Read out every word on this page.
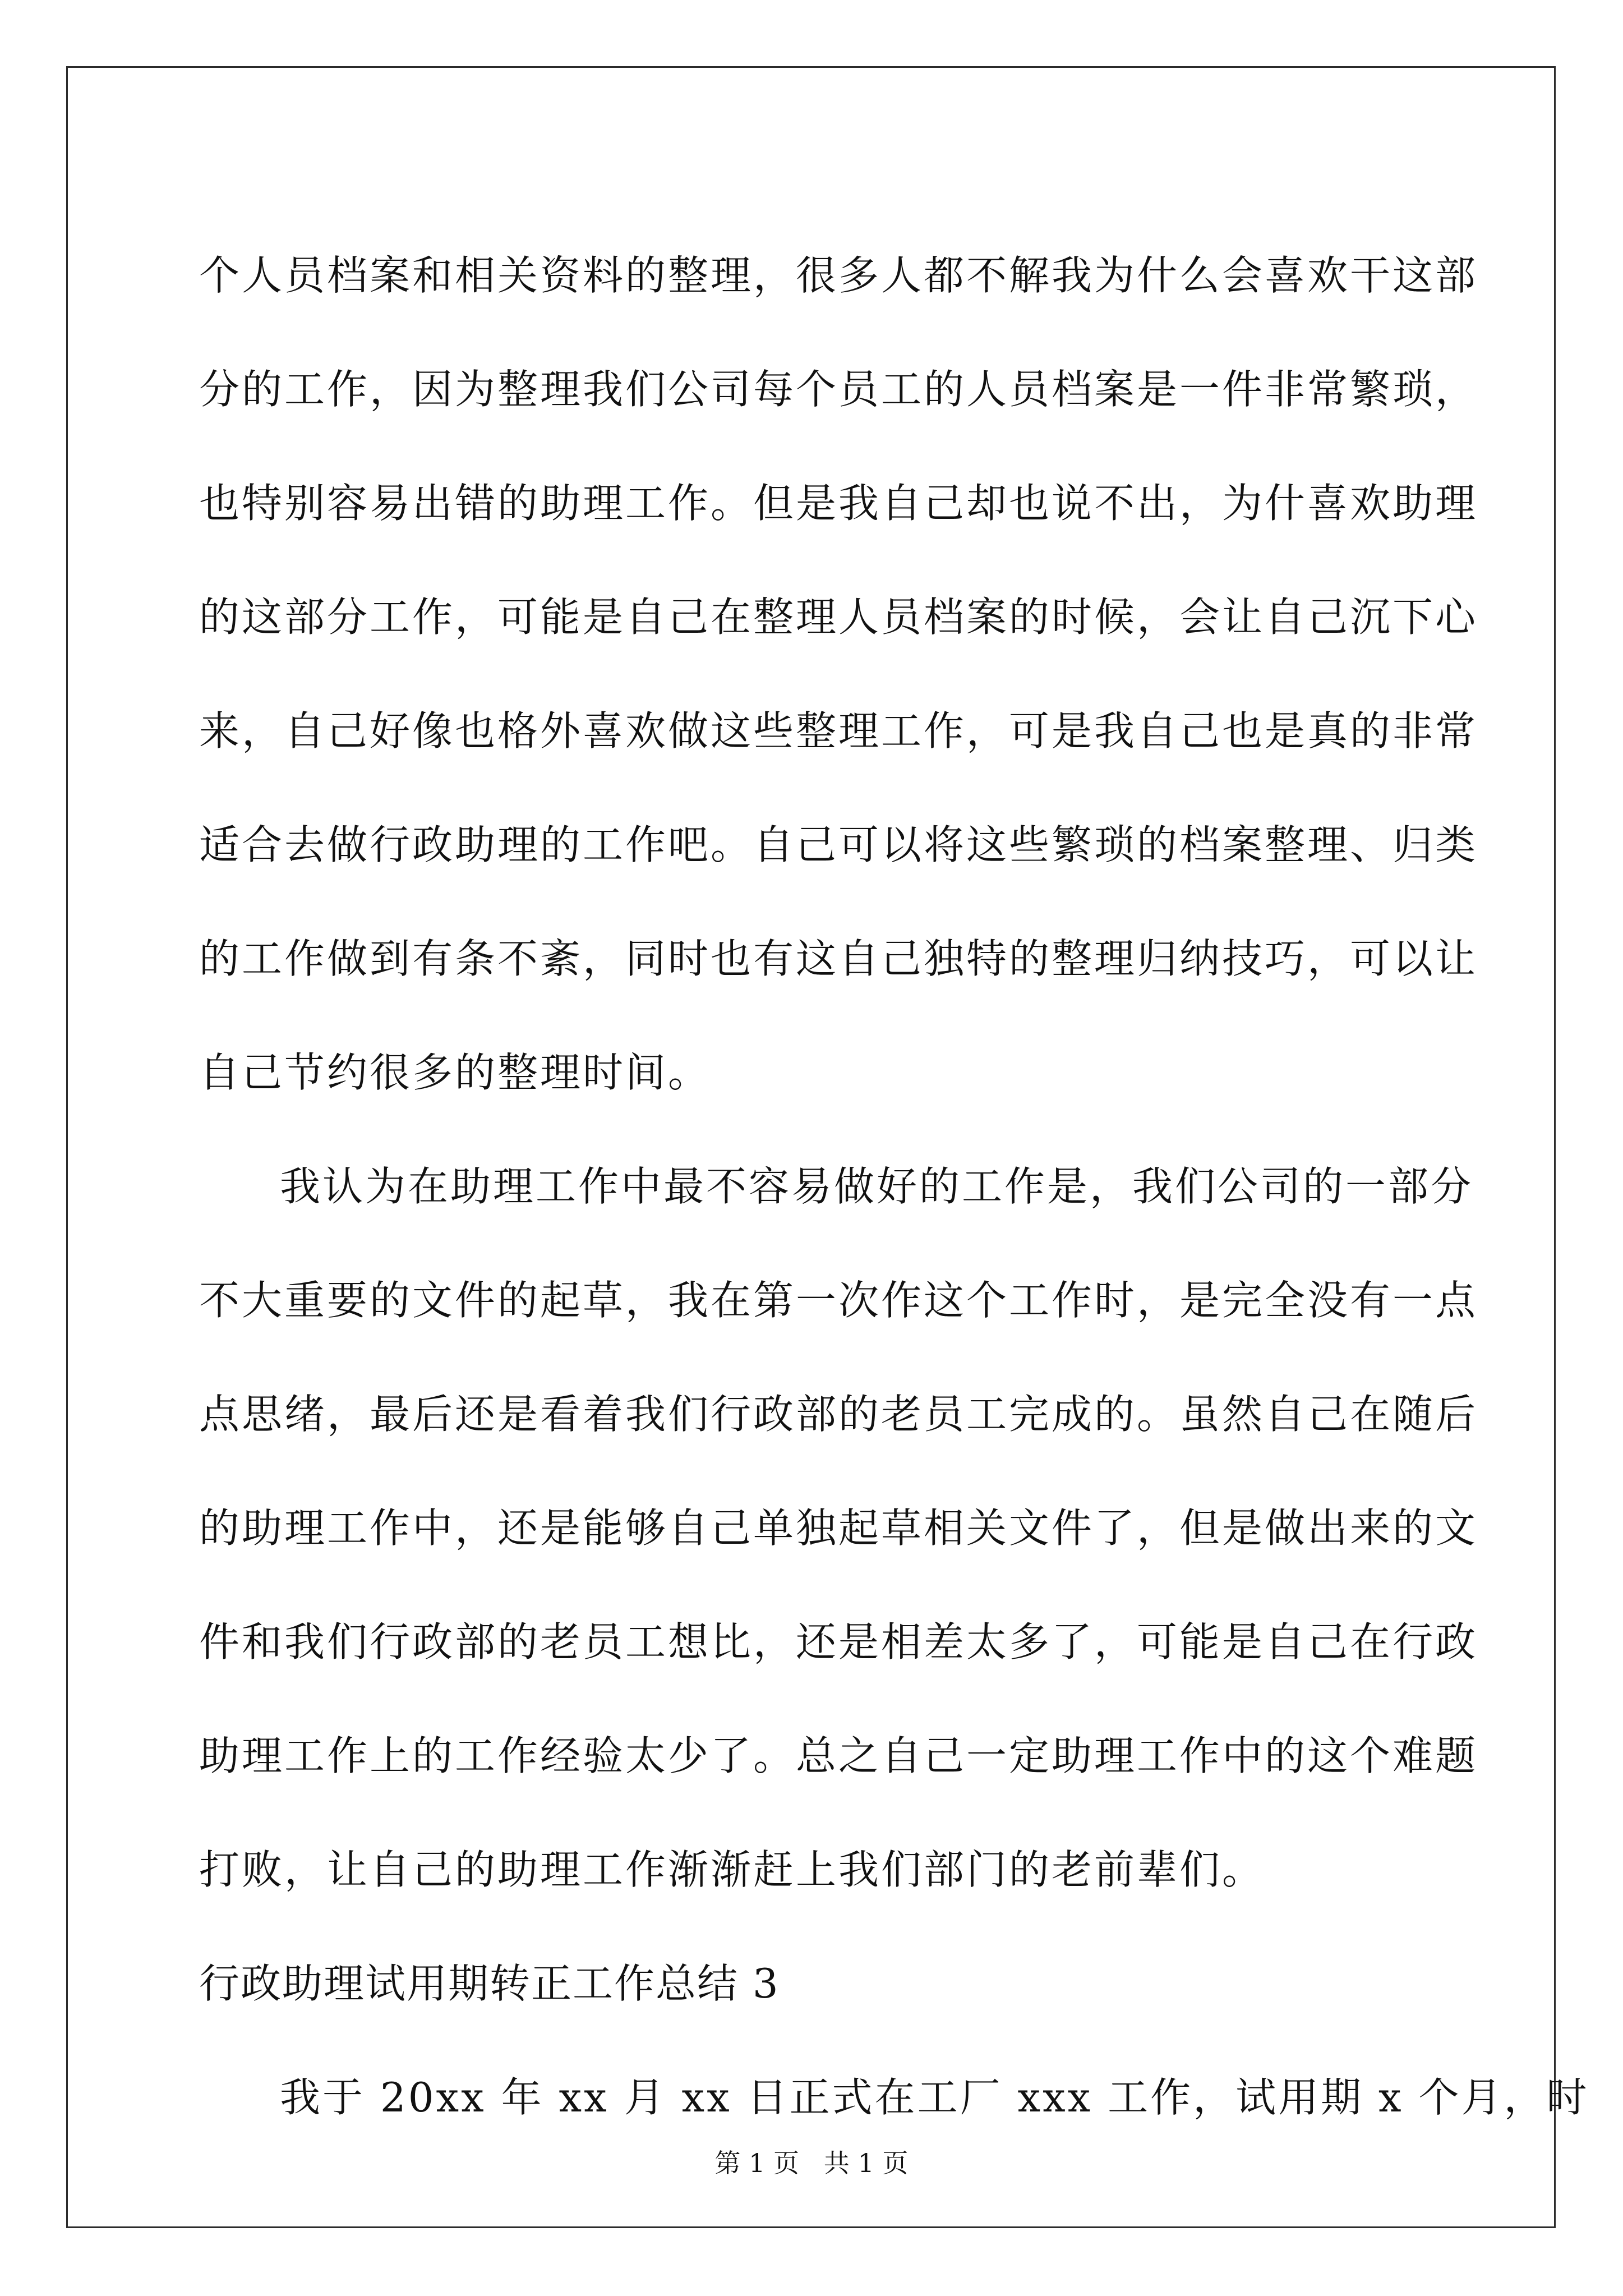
个人员档案和相关资料的整理，很多人都不解我为什么会喜欢干这部
分的工作，因为整理我们公司每个员工的人员档案是一件非常繁琐，
也特别容易出错的助理工作。但是我自己却也说不出，为什喜欢助理
的这部分工作，可能是自己在整理人员档案的时候，会让自己沉下心
来，自己好像也格外喜欢做这些整理工作，可是我自己也是真的非常
适合去做行政助理的工作吧。自己可以将这些繁琐的档案整理、归类
的工作做到有条不紊，同时也有这自己独特的整理归纳技巧，可以让
自己节约很多的整理时间。
我认为在助理工作中最不容易做好的工作是，我们公司的一部分
不大重要的文件的起草，我在第一次作这个工作时，是完全没有一点
点思绪，最后还是看着我们行政部的老员工完成的。虽然自己在随后
的助理工作中，还是能够自己单独起草相关文件了，但是做出来的文
件和我们行政部的老员工想比，还是相差太多了，可能是自己在行政
助理工作上的工作经验太少了。总之自己一定助理工作中的这个难题
打败，让自己的助理工作渐渐赶上我们部门的老前辈们。
行政助理试用期转正工作总结 3
我于 20xx 年 xx 月 xx 日正式在工厂 xxx 工作，试用期 x 个月，时
第 1 页   共 1 页
